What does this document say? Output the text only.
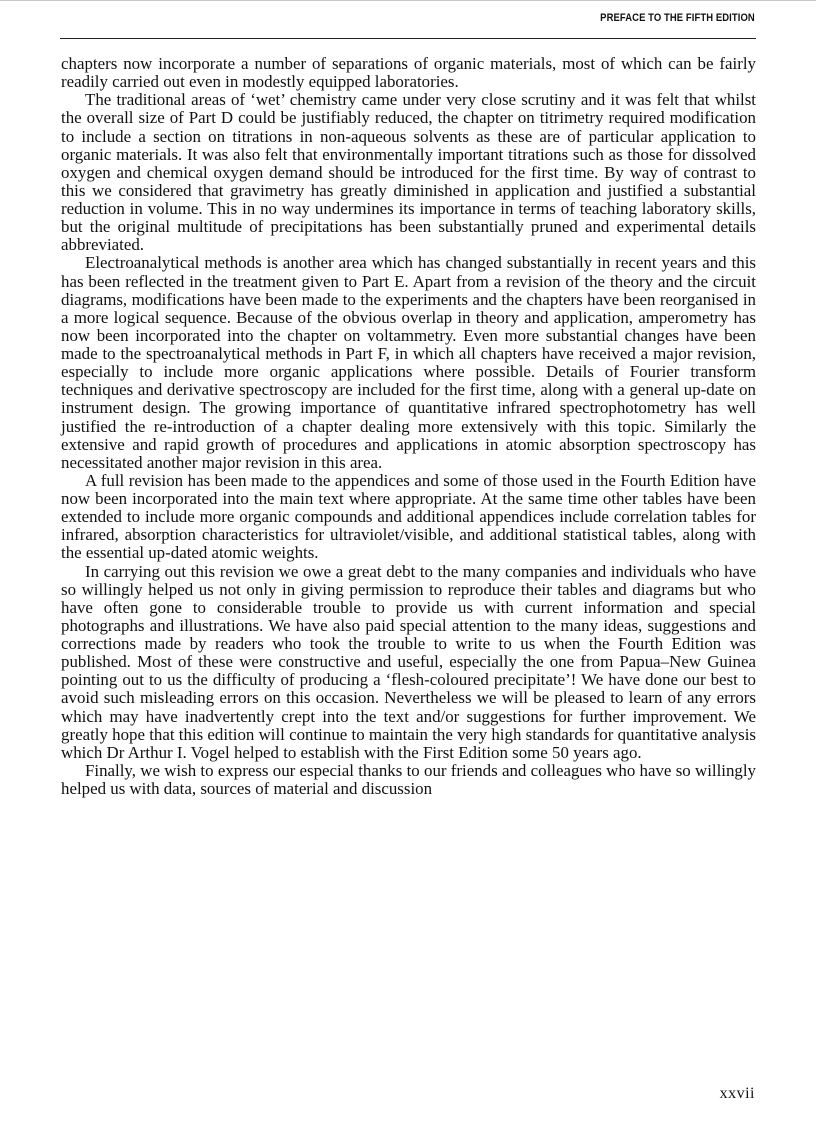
PREFACE TO THE FIFTH EDITION

chapters now incorporate a number of separations of organic materials, most of which can be fairly readily carried out even in modestly equipped laboratories.

The traditional areas of ‘wet’ chemistry came under very close scrutiny and it was felt that whilst the overall size of Part D could be justifiably reduced, the chapter on titrimetry required modification to include a section on titrations in non-aqueous solvents as these are of particular application to organic materials. It was also felt that environmentally important titrations such as those for dissolved oxygen and chemical oxygen demand should be introduced for the first time. By way of contrast to this we considered that gravimetry has greatly diminished in application and justified a substantial reduction in volume. This in no way undermines its importance in terms of teaching laboratory skills, but the original multitude of precipitations has been substantially pruned and experimental details abbreviated.

Electroanalytical methods is another area which has changed substantially in recent years and this has been reflected in the treatment given to Part E. Apart from a revision of the theory and the circuit diagrams, modifications have been made to the experiments and the chapters have been reorganised in a more logical sequence. Because of the obvious overlap in theory and application, amperometry has now been incorporated into the chapter on voltammetry. Even more substantial changes have been made to the spectroanalytical methods in Part F, in which all chapters have received a major revision, especially to include more organic applications where possible. Details of Fourier transform techniques and derivative spectroscopy are included for the first time, along with a general up-date on instrument design. The growing importance of quantitative infrared spectrophotometry has well justified the re-introduction of a chapter dealing more extensively with this topic. Similarly the extensive and rapid growth of procedures and applications in atomic absorption spectroscopy has necessitated another major revision in this area.

A full revision has been made to the appendices and some of those used in the Fourth Edition have now been incorporated into the main text where appropriate. At the same time other tables have been extended to include more organic compounds and additional appendices include correlation tables for infrared, absorption characteristics for ultraviolet/visible, and additional statistical tables, along with the essential up-dated atomic weights.

In carrying out this revision we owe a great debt to the many companies and individuals who have so willingly helped us not only in giving permission to reproduce their tables and diagrams but who have often gone to considerable trouble to provide us with current information and special photographs and illustrations. We have also paid special attention to the many ideas, suggestions and corrections made by readers who took the trouble to write to us when the Fourth Edition was published. Most of these were constructive and useful, especially the one from Papua–New Guinea pointing out to us the difficulty of producing a ‘flesh-coloured precipitate’! We have done our best to avoid such misleading errors on this occasion. Nevertheless we will be pleased to learn of any errors which may have inadvertently crept into the text and/or suggestions for further improvement. We greatly hope that this edition will continue to maintain the very high standards for quantitative analysis which Dr Arthur I. Vogel helped to establish with the First Edition some 50 years ago.

Finally, we wish to express our especial thanks to our friends and colleagues who have so willingly helped us with data, sources of material and discussion

xxvii
